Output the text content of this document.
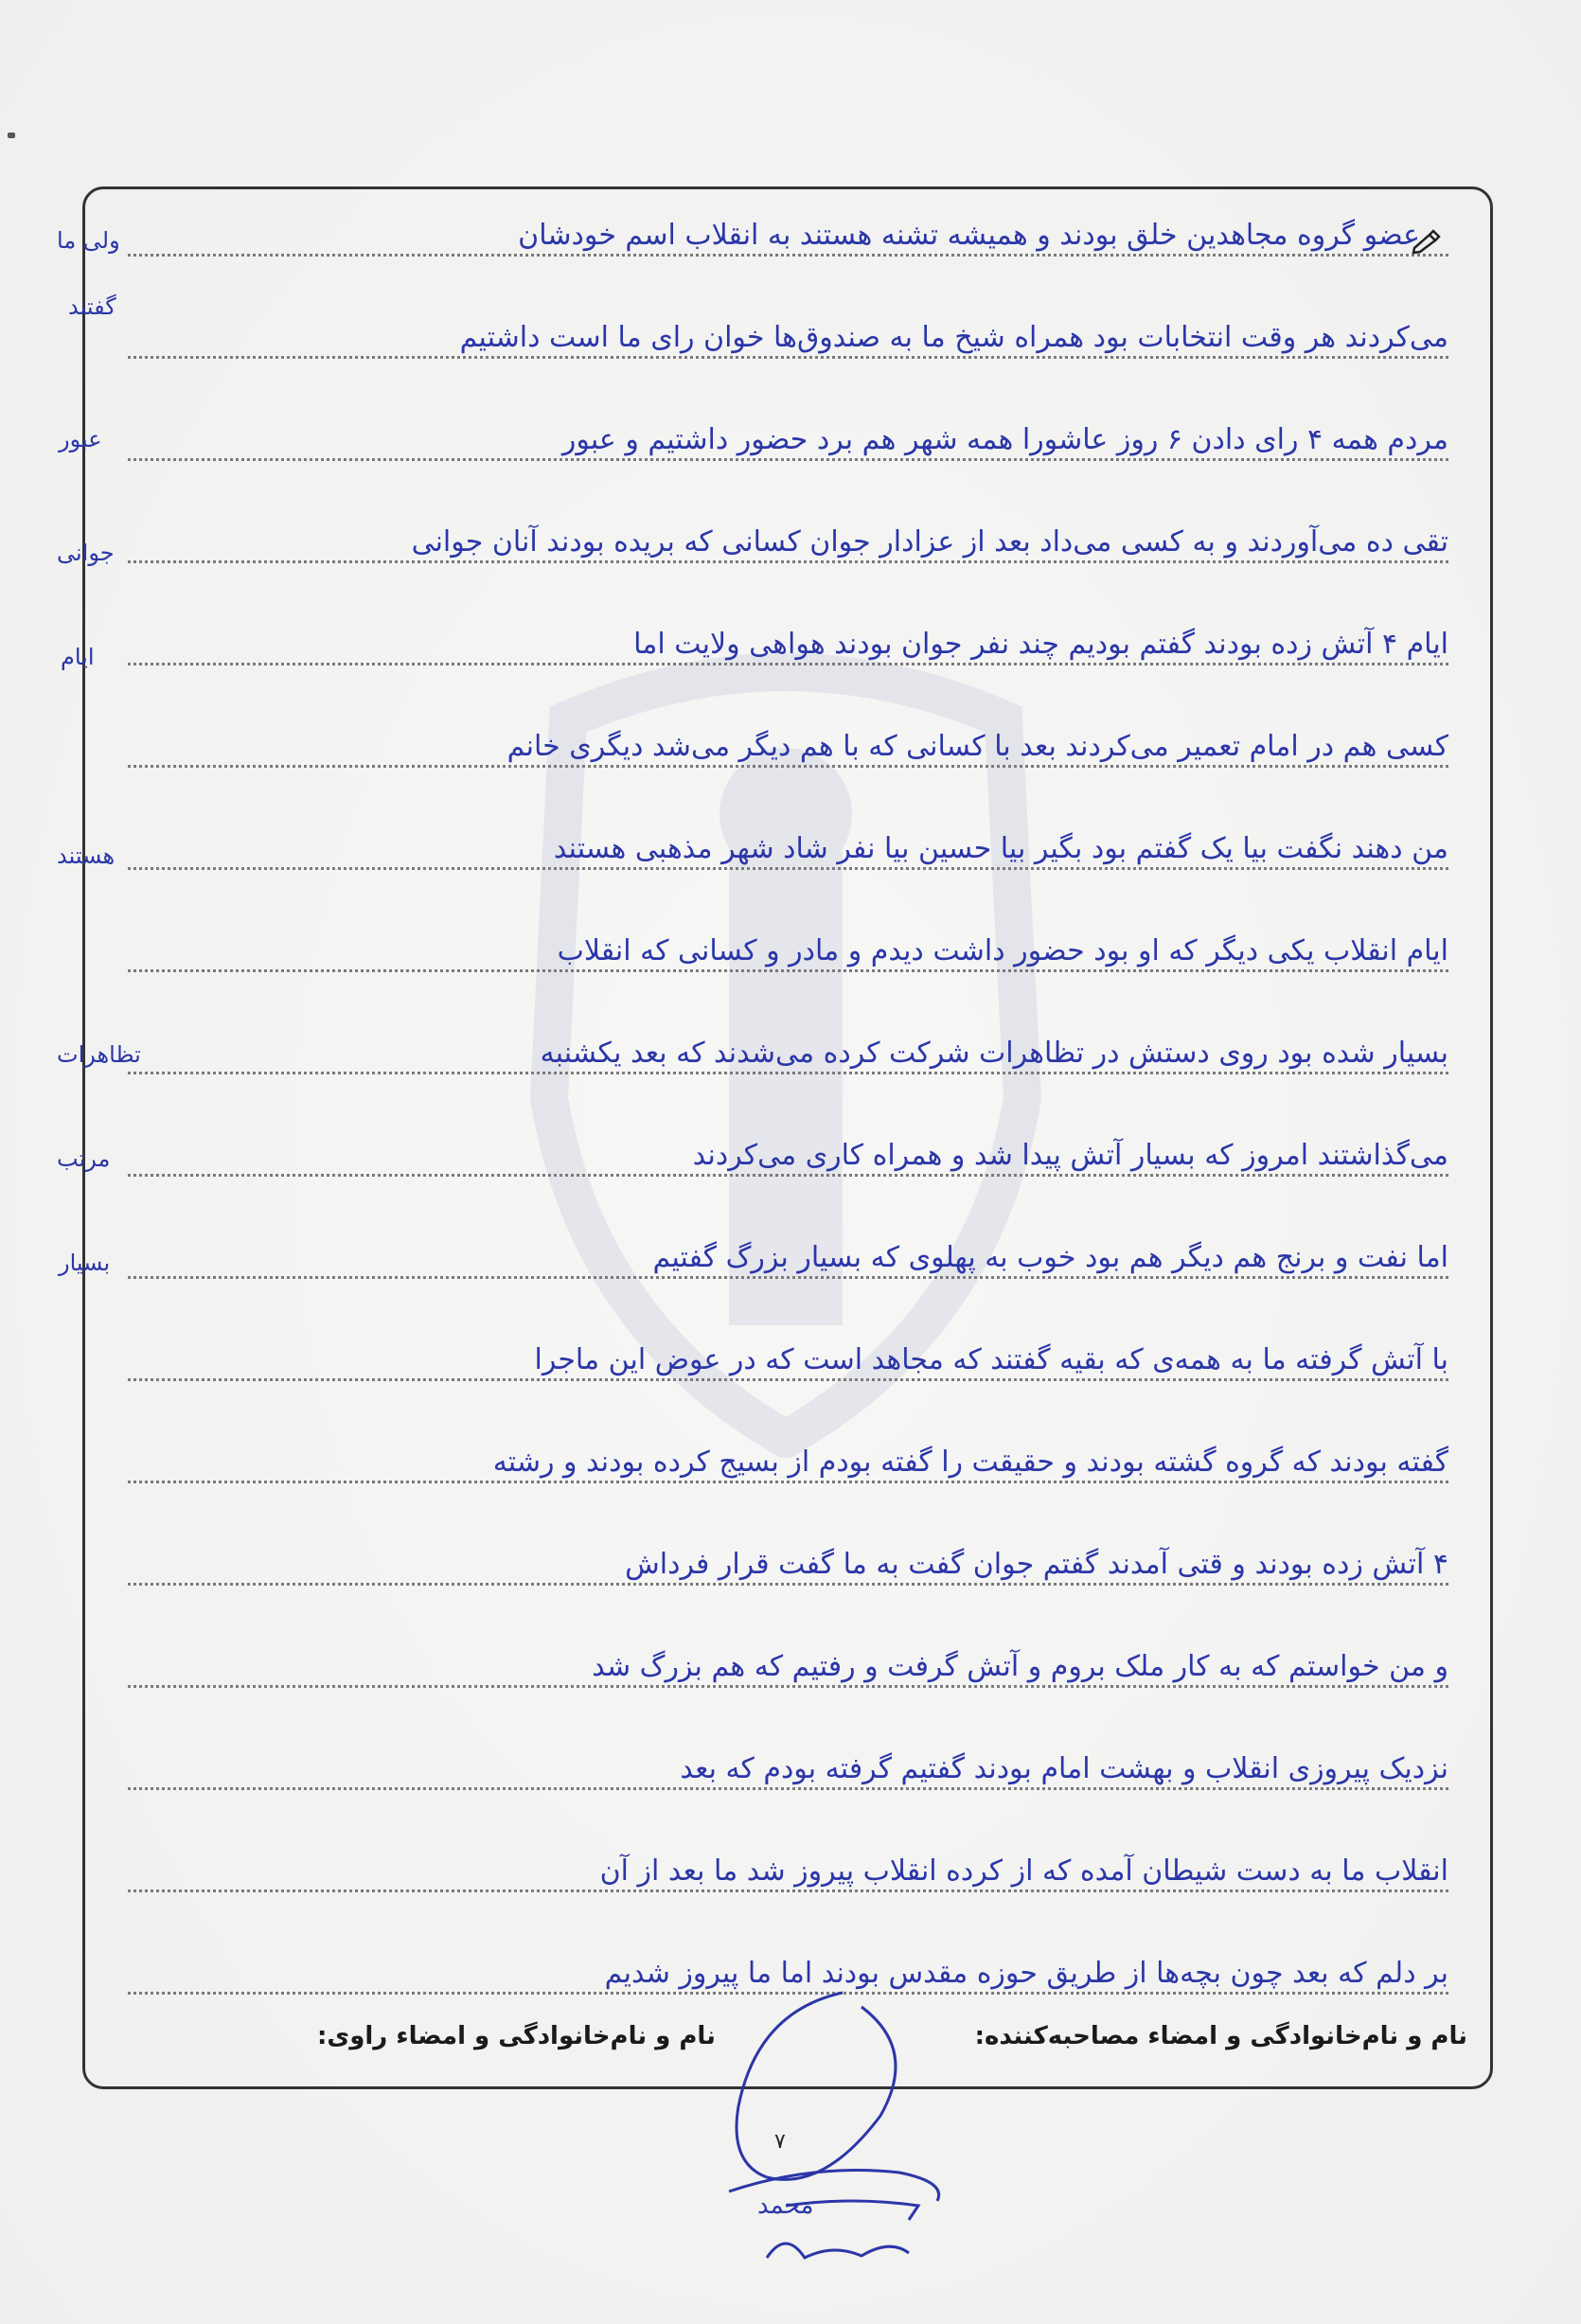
عضو گروه مجاهدین خلق بودند و همیشه تشنه هستند به انقلاب اسم خودشان
می‌کردند هر وقت انتخابات بود همراه شیخ ما به صندوق‌ها خوان رای ما است داشتیم
مردم همه ۴ رای دادن ۶ روز عاشورا همه شهر هم برد حضور داشتیم و عبور
تقی ده می‌آوردند و به کسی می‌داد بعد از عزادار جوان کسانی که بریده بودند آنان جوانی
ایام ۴ آتش زده بودند گفتم بودیم چند نفر جوان بودند هواهی ولایت اما
کسی هم در امام تعمیر می‌کردند بعد با کسانی که با هم دیگر می‌شد دیگری خانم
من دهند نگفت بیا یک گفتم بود بگیر بیا حسین بیا نفر شاد شهر مذهبی هستند
ایام انقلاب یکی دیگر که او بود حضور داشت دیدم و مادر و کسانی که انقلاب
بسیار شده بود روی دستش در تظاهرات شرکت کرده می‌شدند که بعد یکشنبه
می‌گذاشتند امروز که بسیار آتش پیدا شد و همراه کاری می‌کردند
اما نفت و برنج هم دیگر هم بود خوب به پهلوی که بسیار بزرگ گفتیم
با آتش گرفته ما به همه‌ی که بقیه گفتند که مجاهد است که در عوض این ماجرا
گفته بودند که گروه گشته بودند و حقیقت را گفته بودم از بسیج کرده بودند و رشته
۴ آتش زده بودند و قتی آمدند گفتم جوان گفت به ما گفت قرار فرداش
و من خواستم که به کار ملک بروم و آتش گرفت و رفتیم که هم بزرگ شد
نزدیک پیروزی انقلاب و بهشت امام بودند گفتیم گرفته بودم که بعد
انقلاب ما به دست شیطان آمده که از کرده انقلاب پیروز شد ما بعد از آن
بر دلم که بعد چون بچه‌ها از طریق حوزه مقدس بودند اما ما پیروز شدیم
ولی ما
گفتند
عبور
جوانی
ایام
هستند
تظاهرات
مرتب
بسیار
نام و نام‌خانوادگی و امضاء مصاحبه‌کننده:
نام و نام‌خانوادگی و امضاء راوی:
محمد
۷
